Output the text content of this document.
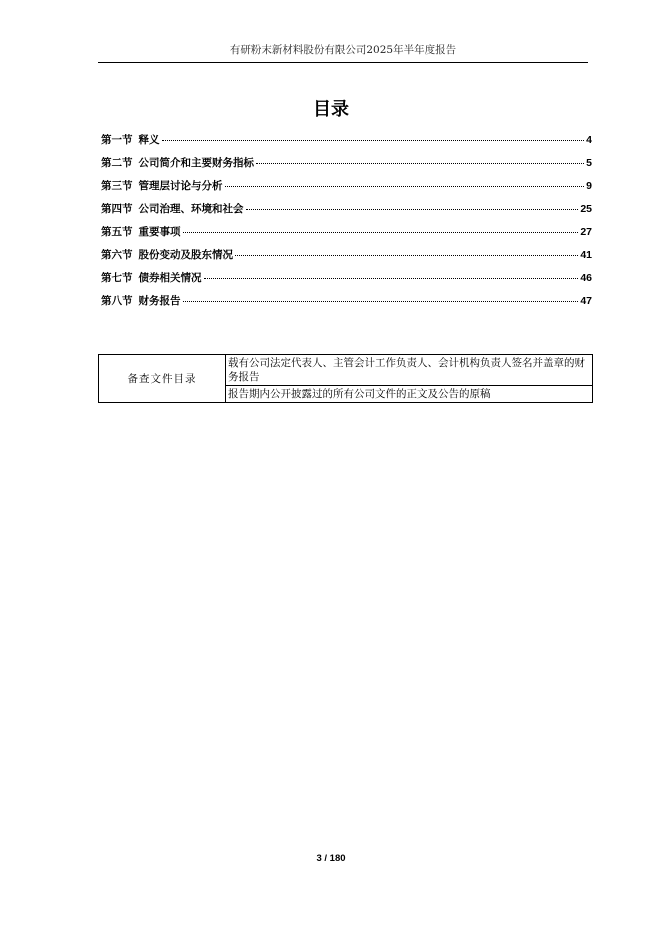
有研粉末新材料股份有限公司2025年半年度报告
目录
第一节 释义	4
第二节 公司简介和主要财务指标	5
第三节 管理层讨论与分析	9
第四节 公司治理、环境和社会	25
第五节 重要事项	27
第六节 股份变动及股东情况	41
第七节 债券相关情况	46
第八节 财务报告	47
备查文件目录	载有公司法定代表人、主管会计工作负责人、会计机构负责人签名并盖章的财务报告
报告期内公开披露过的所有公司文件的正文及公告的原稿
3 / 180
